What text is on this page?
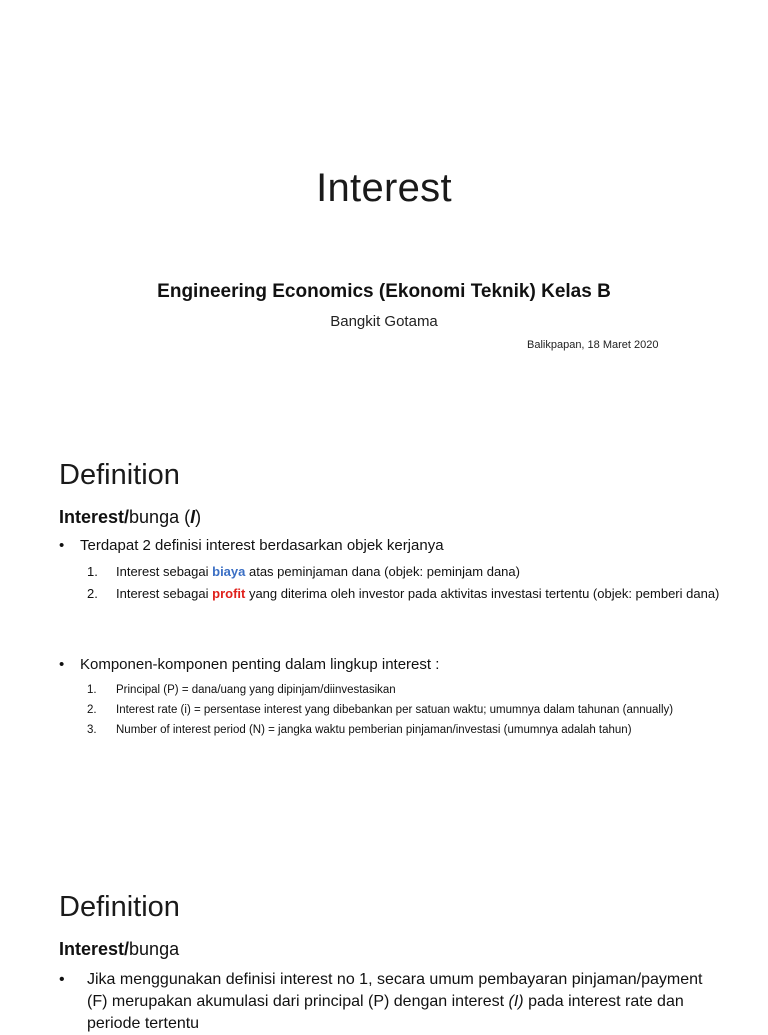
Interest
Engineering Economics (Ekonomi Teknik) Kelas B
Bangkit Gotama
Balikpapan, 18 Maret 2020
Definition
Interest/bunga (I)
•	Terdapat 2 definisi interest berdasarkan objek kerjanya
1.	Interest sebagai biaya atas peminjaman dana (objek: peminjam dana)
2.	Interest sebagai profit yang diterima oleh investor pada aktivitas investasi tertentu (objek: pemberi dana)
•	Komponen-komponen penting dalam lingkup interest :
1.	Principal (P) = dana/uang yang dipinjam/diinvestasikan
2.	Interest rate (i) = persentase interest yang dibebankan per satuan waktu; umumnya dalam tahunan (annually)
3.	Number of interest period (N) = jangka waktu pemberian pinjaman/investasi (umumnya adalah tahun)
Definition
Interest/bunga
•	Jika menggunakan definisi interest no 1, secara umum pembayaran pinjaman/payment (F) merupakan akumulasi dari principal (P) dengan interest (I) pada interest rate dan periode tertentu
